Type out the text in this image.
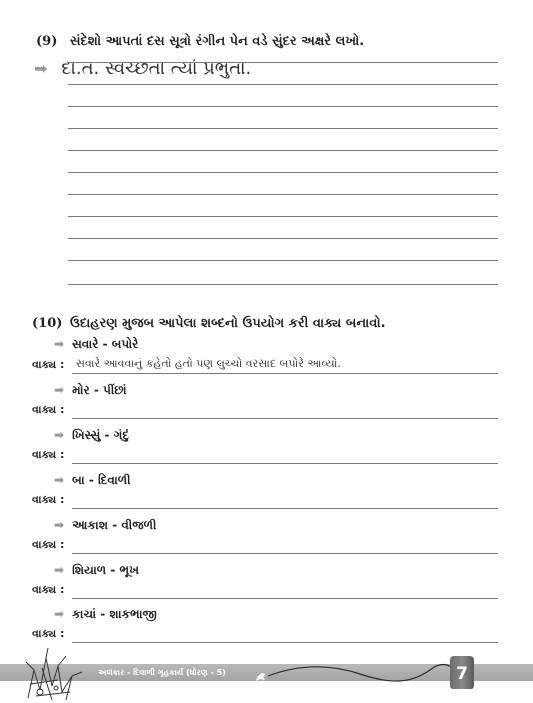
(9) સંદેશો આપતાં દસ સૂત્રો રંગીન પેન વડે સુંદર અક્ષરે લખો.
➡ દા.ત. સ્વચ્છતા ત્યાં પ્રભુતા.
(10) ઉદાહરણ મુજબ આપેલા શબ્દનો ઉપયોગ કરી વાક્ય બનાવો.
➡ સવારે - બપોરે
વાક્ય : સવારે આવવાનું કહેતો હતો પણ લુચ્ચો વરસાદ બપોરે આવ્યો.
➡ મોર - પીંછાં
વાક્ય :
➡ ખિસ્સું - ગંદું
વાક્ય :
➡ બા - દિવાળી
વાક્ય :
➡ આકાશ - વીજળી
વાક્ય :
➡ શિયાળ - ભૂખ
વાક્ય :
➡ કાચાં - શાકભાજી
વાક્ય :
અલંકાર - દિવાળી ગૃહકાર્ય (ધોરણ - 5)	7
